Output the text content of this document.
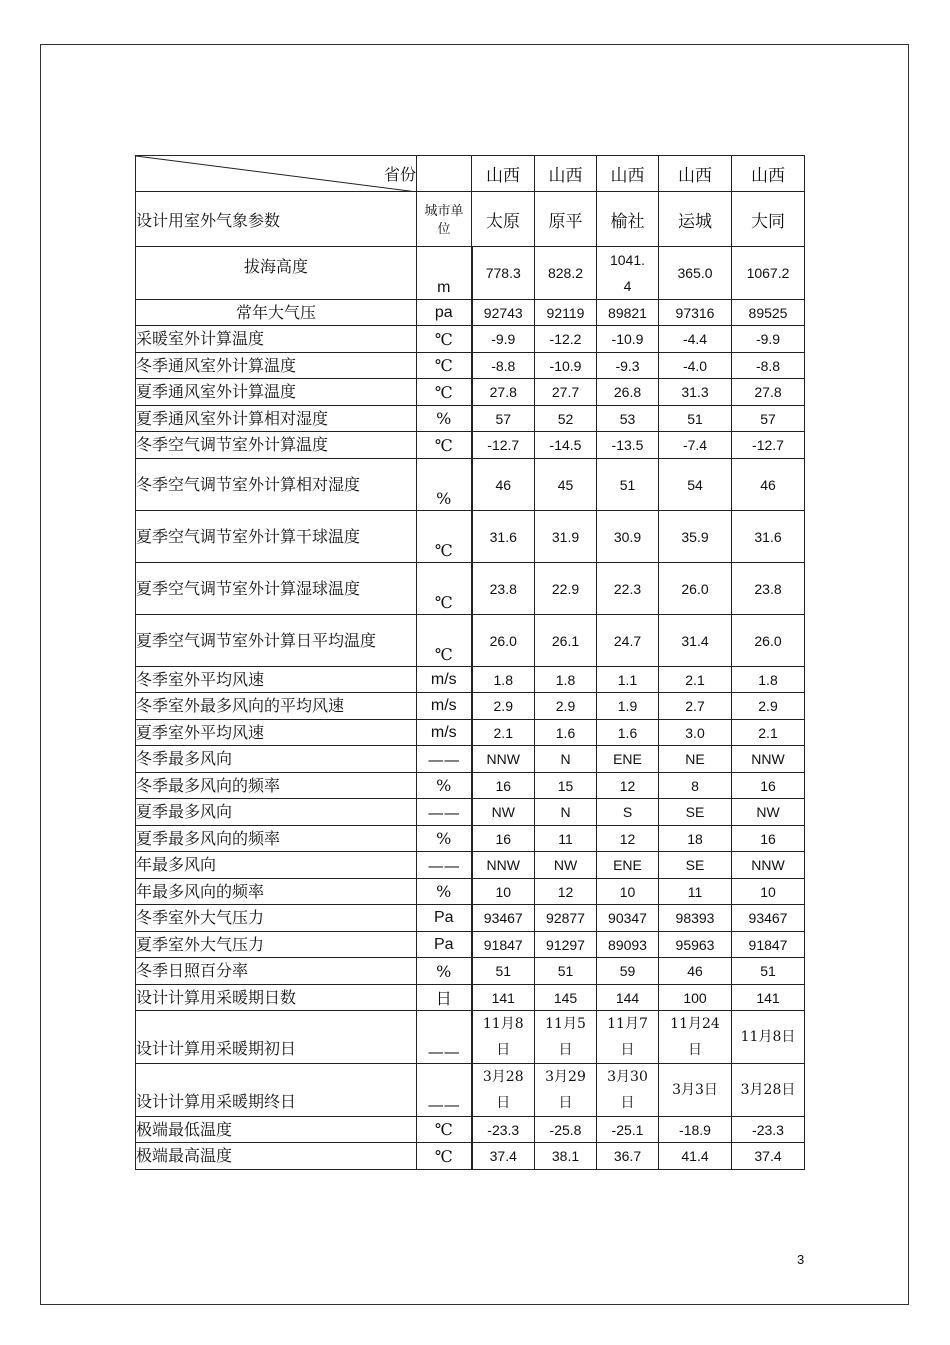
省份		山西	山西	山西	山西	山西
设计用室外气象参数	城市单位	太原	原平	榆社	运城	大同
拔海高度	m	778.3	828.2	1041.4	365.0	1067.2
常年大气压	pa	92743	92119	89821	97316	89525
采暖室外计算温度	℃	-9.9	-12.2	-10.9	-4.4	-9.9
冬季通风室外计算温度	℃	-8.8	-10.9	-9.3	-4.0	-8.8
夏季通风室外计算温度	℃	27.8	27.7	26.8	31.3	27.8
夏季通风室外计算相对湿度	%	57	52	53	51	57
冬季空气调节室外计算温度	℃	-12.7	-14.5	-13.5	-7.4	-12.7
冬季空气调节室外计算相对湿度	%	46	45	51	54	46
夏季空气调节室外计算干球温度	℃	31.6	31.9	30.9	35.9	31.6
夏季空气调节室外计算湿球温度	℃	23.8	22.9	22.3	26.0	23.8
夏季空气调节室外计算日平均温度	℃	26.0	26.1	24.7	31.4	26.0
冬季室外平均风速	m/s	1.8	1.8	1.1	2.1	1.8
冬季室外最多风向的平均风速	m/s	2.9	2.9	1.9	2.7	2.9
夏季室外平均风速	m/s	2.1	1.6	1.6	3.0	2.1
冬季最多风向	——	NNW	N	ENE	NE	NNW
冬季最多风向的频率	%	16	15	12	8	16
夏季最多风向	——	NW	N	S	SE	NW
夏季最多风向的频率	%	16	11	12	18	16
年最多风向	——	NNW	NW	ENE	SE	NNW
年最多风向的频率	%	10	12	10	11	10
冬季室外大气压力	Pa	93467	92877	90347	98393	93467
夏季室外大气压力	Pa	91847	91297	89093	95963	91847
冬季日照百分率	%	51	51	59	46	51
设计计算用采暖期日数	日	141	145	144	100	141
设计计算用采暖期初日	——	11月8日	11月5日	11月7日	11月24日	11月8日
设计计算用采暖期终日	——	3月28日	3月29日	3月30日	3月3日	3月28日
极端最低温度	℃	-23.3	-25.8	-25.1	-18.9	-23.3
极端最高温度	℃	37.4	38.1	36.7	41.4	37.4
3
